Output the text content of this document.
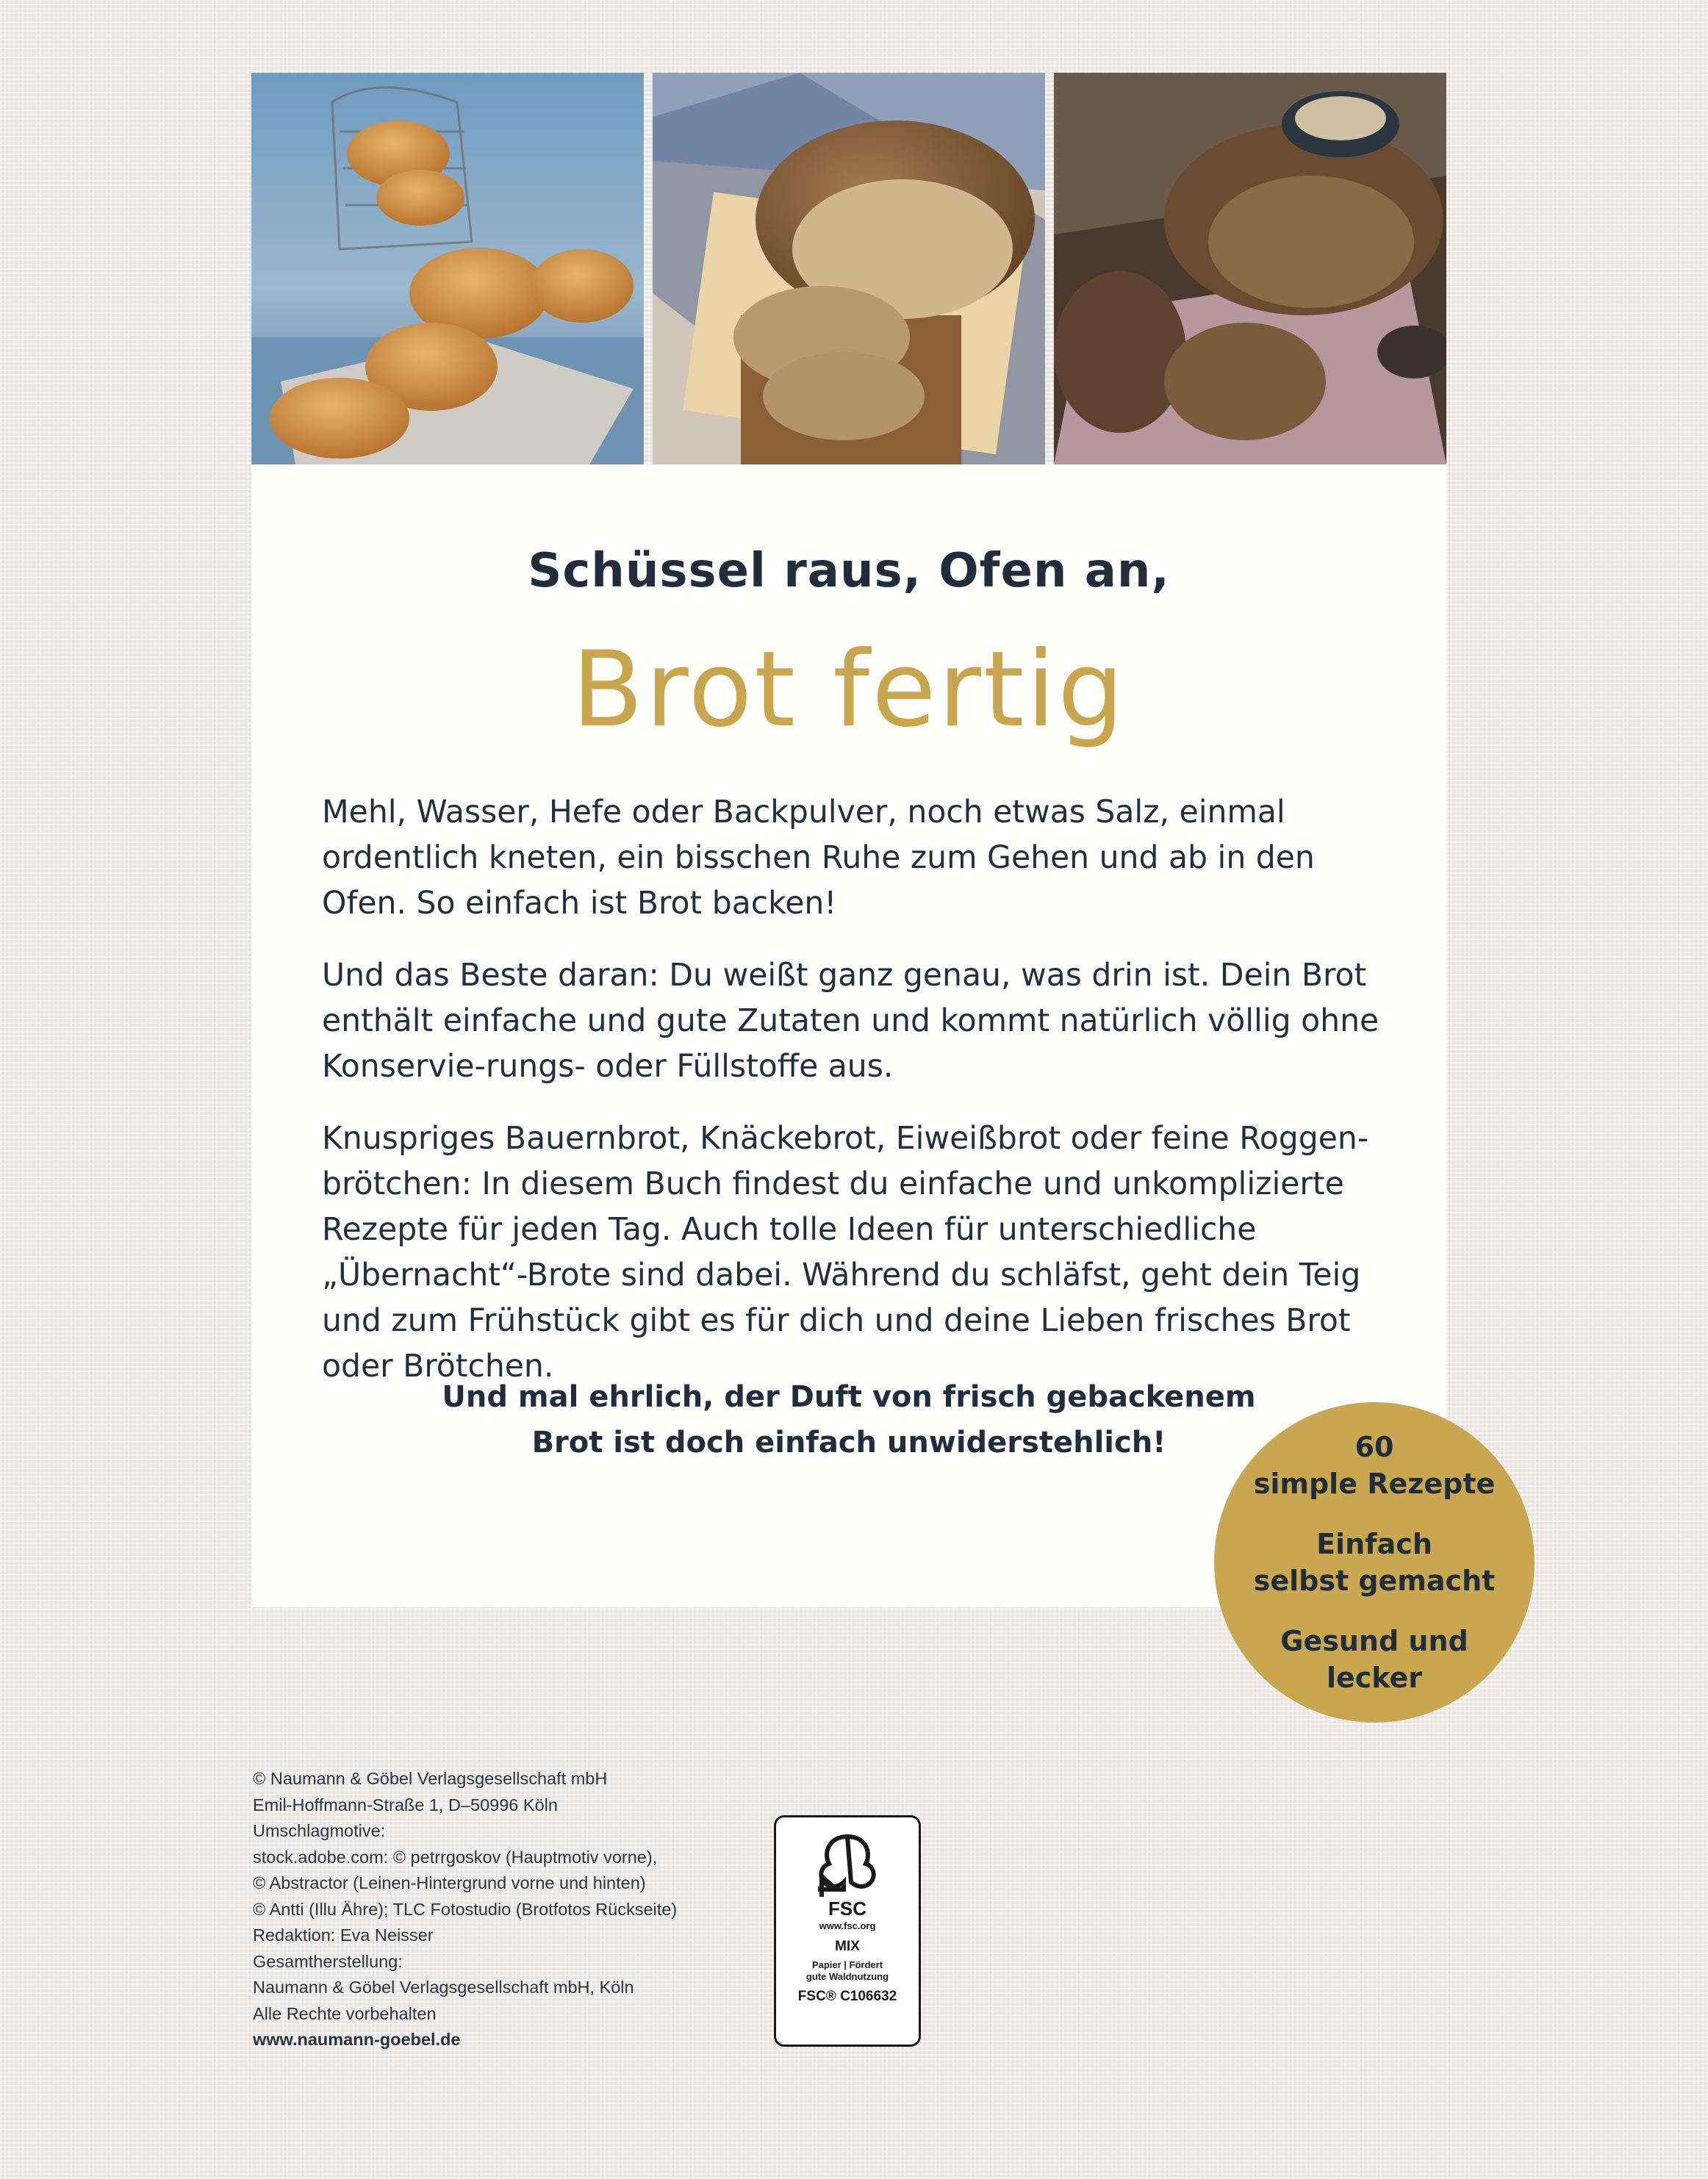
Schüssel raus, Ofen an,
Brot fertig
Mehl, Wasser, Hefe oder Backpulver, noch etwas Salz, einmal ordentlich kneten, ein bisschen Ruhe zum Gehen und ab in den Ofen. So einfach ist Brot backen!
Und das Beste daran: Du weißt ganz genau, was drin ist. Dein Brot enthält einfache und gute Zutaten und kommt natürlich völlig ohne Konservie-rungs- oder Füllstoffe aus.
Knuspriges Bauernbrot, Knäckebrot, Eiweißbrot oder feine Roggen-brötchen: In diesem Buch findest du einfache und unkomplizierte Rezepte für jeden Tag. Auch tolle Ideen für unterschiedliche „Übernacht“-Brote sind dabei. Während du schläfst, geht dein Teig und zum Frühstück gibt es für dich und deine Lieben frisches Brot oder Brötchen.
Und mal ehrlich, der Duft von frisch gebackenem
Brot ist doch einfach unwiderstehlich!	60
simple Rezepte
Einfach
selbst gemacht
Gesund und
lecker
© Naumann & Göbel Verlagsgesellschaft mbH
Emil-Hoffmann-Straße 1, D–50996 Köln
Umschlagmotive:
stock.adobe.com: © petrrgoskov (Hauptmotiv vorne),
© Abstractor (Leinen-Hintergrund vorne und hinten)
© Antti (Illu Ähre); TLC Fotostudio (Brotfotos Rückseite)
Redaktion: Eva Neisser
Gesamtherstellung:
Naumann & Göbel Verlagsgesellschaft mbH, Köln
Alle Rechte vorbehalten
www.naumann-goebel.de
FSC
www.fsc.org
MIX
Papier | Fördert
gute Waldnutzung
FSC® C106632
